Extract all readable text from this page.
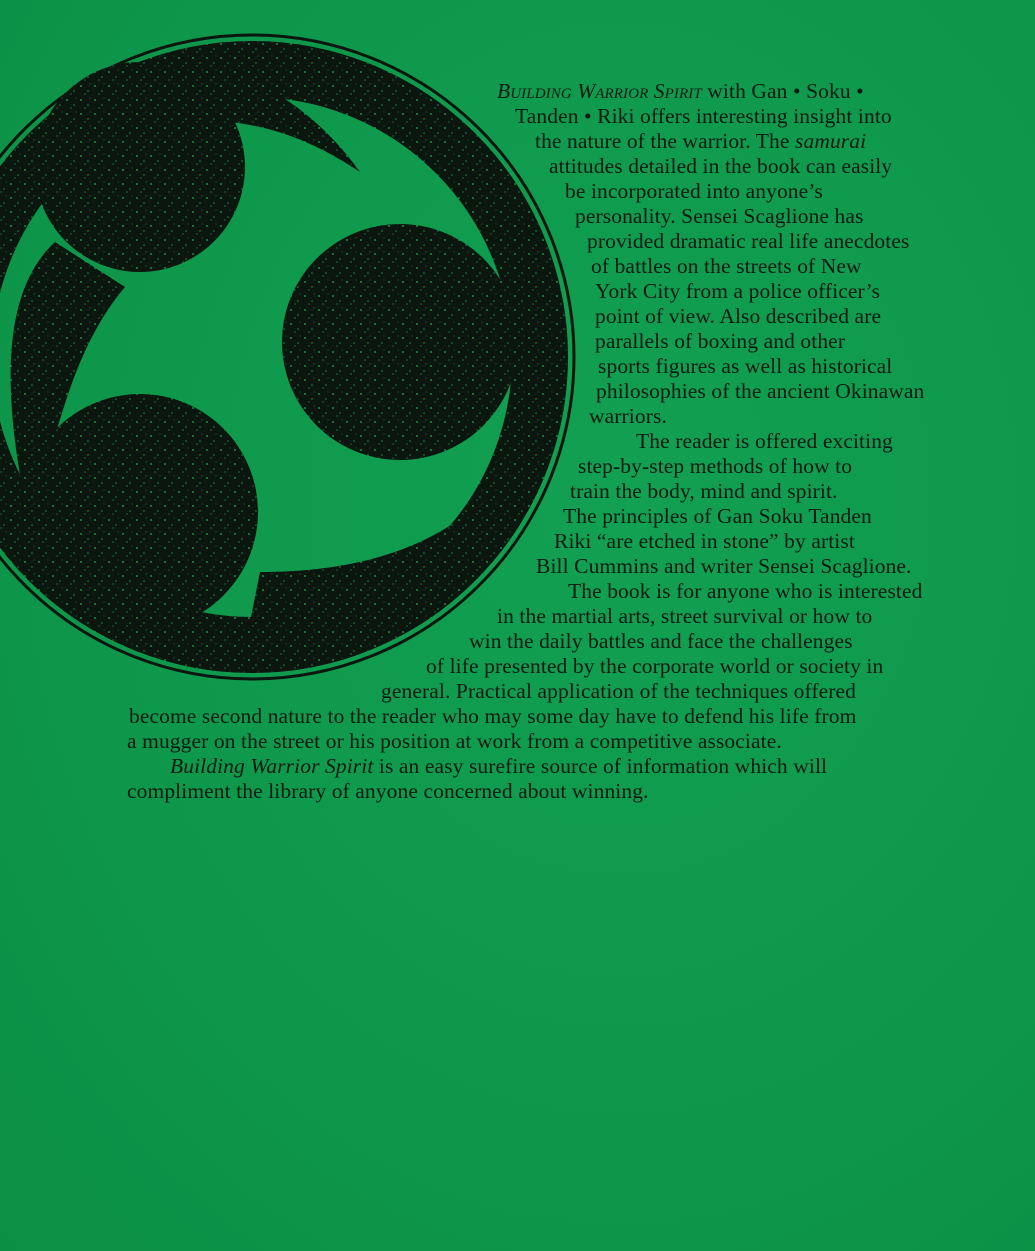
Building Warrior Spirit with Gan • Soku •
Tanden • Riki offers interesting insight into
the nature of the warrior. The samurai
attitudes detailed in the book can easily
be incorporated into anyone’s
personality. Sensei Scaglione has
provided dramatic real life anecdotes
of battles on the streets of New
York City from a police officer’s
point of view. Also described are
parallels of boxing and other
sports figures as well as historical
philosophies of the ancient Okinawan
warriors.
The reader is offered exciting
step-by-step methods of how to
train the body, mind and spirit.
The principles of Gan Soku Tanden
Riki “are etched in stone” by artist
Bill Cummins and writer Sensei Scaglione.
The book is for anyone who is interested
in the martial arts, street survival or how to
win the daily battles and face the challenges
of life presented by the corporate world or society in
general. Practical application of the techniques offered
become second nature to the reader who may some day have to defend his life from
a mugger on the street or his position at work from a competitive associate.
Building Warrior Spirit is an easy surefire source of information which will
compliment the library of anyone concerned about winning.
